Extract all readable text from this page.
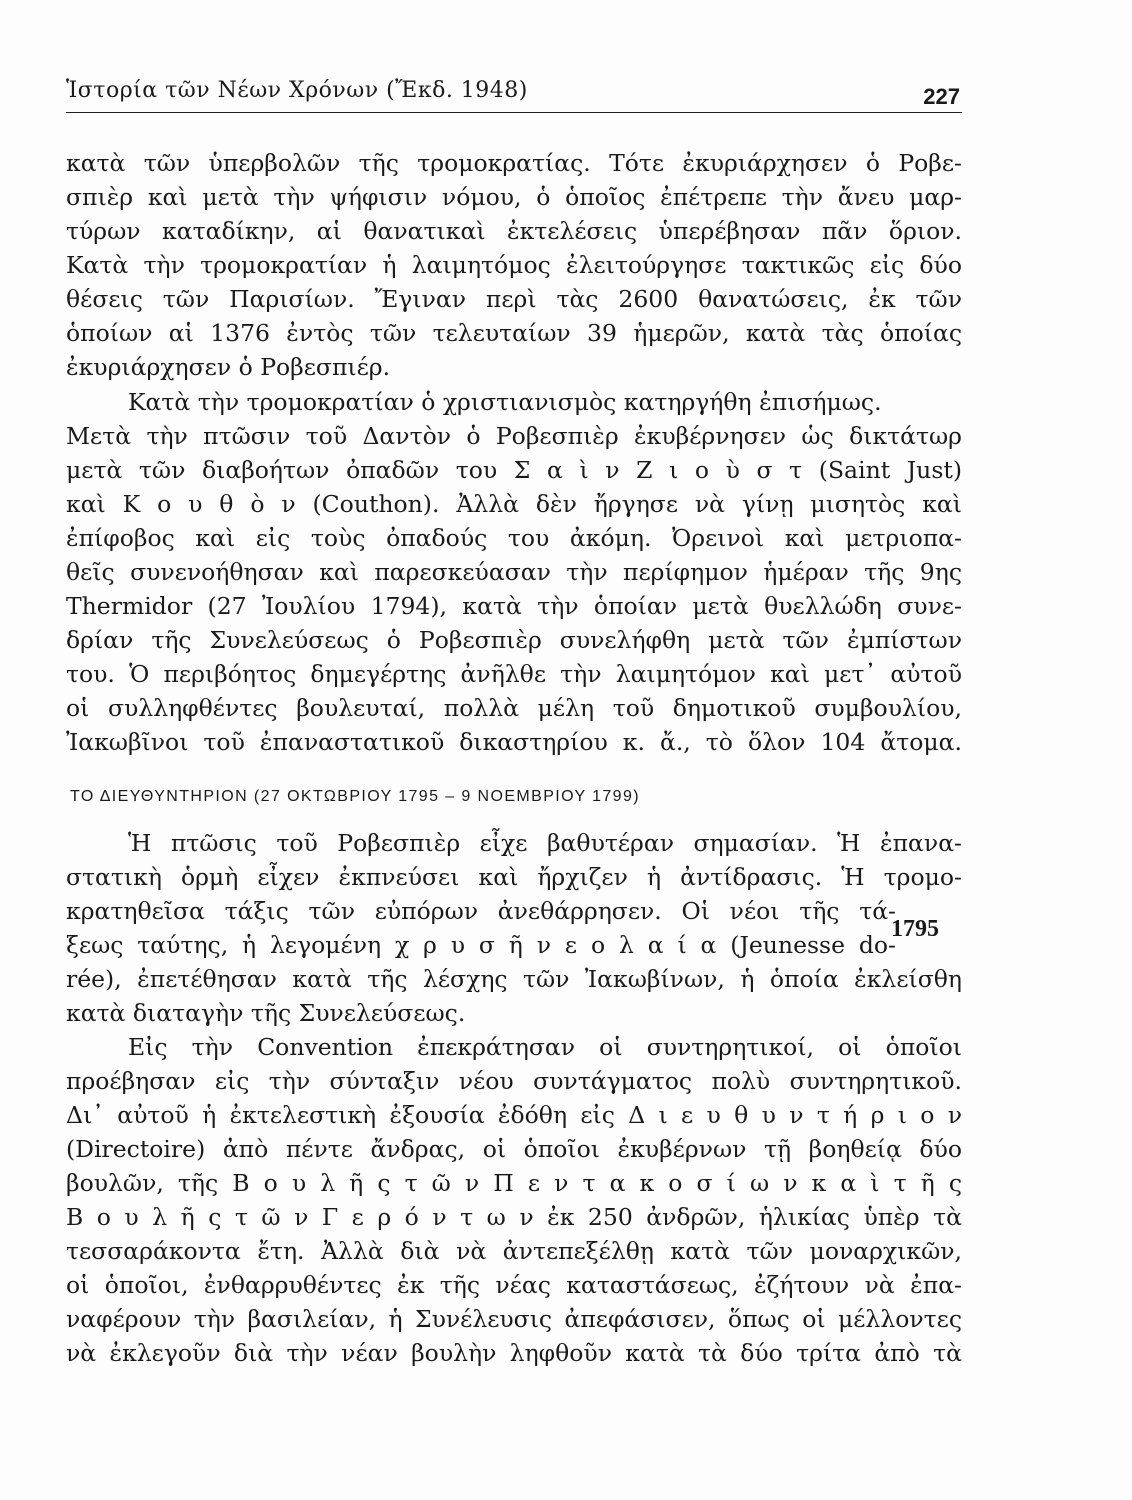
Ἱστορία τῶν Νέων Χρόνων (Ἔκδ. 1948)	227
κατὰ τῶν ὑπερβολῶν τῆς τρομοκρατίας. Τότε ἐκυριάρχησεν ὁ Ροβε-
σπιὲρ καὶ μετὰ τὴν ψήφισιν νόμου, ὁ ὁποῖος ἐπέτρεπε τὴν ἄνευ μαρ-
τύρων καταδίκην, αἱ θανατικαὶ ἐκτελέσεις ὑπερέβησαν πᾶν ὅριον.
Κατὰ τὴν τρομοκρατίαν ἡ λαιμητόμος ἐλειτούργησε τακτικῶς εἰς δύο
θέσεις τῶν Παρισίων. Ἔγιναν περὶ τὰς 2600 θανατώσεις, ἐκ τῶν
ὁποίων αἱ 1376 ἐντὸς τῶν τελευταίων 39 ἡμερῶν, κατὰ τὰς ὁποίας
ἐκυριάρχησεν ὁ Ροβεσπιέρ.
Κατὰ τὴν τρομοκρατίαν ὁ χριστιανισμὸς κατηργήθη ἐπισήμως.
Μετὰ τὴν πτῶσιν τοῦ Δαντὸν ὁ Ροβεσπιὲρ ἐκυβέρνησεν ὡς δικτάτωρ
μετὰ τῶν διαβοήτων ὀπαδῶν του Σ α ὶ ν Ζ ι ο ὺ σ τ (Saint Just)
καὶ Κ ο υ θ ὸ ν (Couthon). Ἀλλὰ δὲν ἤργησε νὰ γίνῃ μισητὸς καὶ
ἐπίφοβος καὶ εἰς τοὺς ὀπαδούς του ἀκόμη. Ὀρεινοὶ καὶ μετριοπα-
θεῖς συνενοήθησαν καὶ παρεσκεύασαν τὴν περίφημον ἡμέραν τῆς 9ης
Thermidor (27 Ἰουλίου 1794), κατὰ τὴν ὁποίαν μετὰ θυελλώδη συνε-
δρίαν τῆς Συνελεύσεως ὁ Ροβεσπιὲρ συνελήφθη μετὰ τῶν ἐμπίστων
του. Ὁ περιβόητος δημεγέρτης ἀνῆλθε τὴν λαιμητόμον καὶ μετ᾽ αὐτοῦ
οἱ συλληφθέντες βουλευταί, πολλὰ μέλη τοῦ δημοτικοῦ συμβουλίου,
Ἰακωβῖνοι τοῦ ἐπαναστατικοῦ δικαστηρίου κ. ἄ., τὸ ὅλον 104 ἄτομα.
ΤΟ ΔΙΕΥΘΥΝΤΗΡΙΟΝ (27 ΟΚΤΩΒΡΙΟΥ 1795 – 9 ΝΟΕΜΒΡΙΟΥ 1799)
Ἡ πτῶσις τοῦ Ροβεσπιὲρ εἶχε βαθυτέραν σημασίαν. Ἡ ἐπανα-
στατικὴ ὁρμὴ εἶχεν ἐκπνεύσει καὶ ἤρχιζεν ἡ ἀντίδρασις. Ἡ τρομο-
κρατηθεῖσα τάξις τῶν εὐπόρων ἀνεθάρρησεν. Οἱ νέοι τῆς τά-
ξεως ταύτης, ἡ λεγομένη χ ρ υ σ ῆ ν ε ο λ α ί α (Jeunesse do-
rée), ἐπετέθησαν κατὰ τῆς λέσχης τῶν Ἰακωβίνων, ἡ ὁποία ἐκλείσθη
κατὰ διαταγὴν τῆς Συνελεύσεως.
1795
Εἰς τὴν Convention ἐπεκράτησαν οἱ συντηρητικοί, οἱ ὁποῖοι
προέβησαν εἰς τὴν σύνταξιν νέου συντάγματος πολὺ συντηρητικοῦ.
Δι᾽ αὐτοῦ ἡ ἐκτελεστικὴ ἐξουσία ἐδόθη εἰς Δ ι ε υ θ υ ν τ ή ρ ι ο ν
(Directoire) ἀπὸ πέντε ἄνδρας, οἱ ὁποῖοι ἐκυβέρνων τῇ βοηθείᾳ δύο
βουλῶν, τῆς Β ο υ λ ῆ ς τ ῶ ν Π ε ν τ α κ ο σ ί ω ν κ α ὶ τ ῆ ς
Β ο υ λ ῆ ς τ ῶ ν Γ ε ρ ό ν τ ω ν ἐκ 250 ἀνδρῶν, ἡλικίας ὑπὲρ τὰ
τεσσαράκοντα ἔτη. Ἀλλὰ διὰ νὰ ἀντεπεξέλθῃ κατὰ τῶν μοναρχικῶν,
οἱ ὁποῖοι, ἐνθαρρυθέντες ἐκ τῆς νέας καταστάσεως, ἐζήτουν νὰ ἐπα-
ναφέρουν τὴν βασιλείαν, ἡ Συνέλευσις ἀπεφάσισεν, ὅπως οἱ μέλλοντες
νὰ ἐκλεγοῦν διὰ τὴν νέαν βουλὴν ληφθοῦν κατὰ τὰ δύο τρίτα ἀπὸ τὰ
